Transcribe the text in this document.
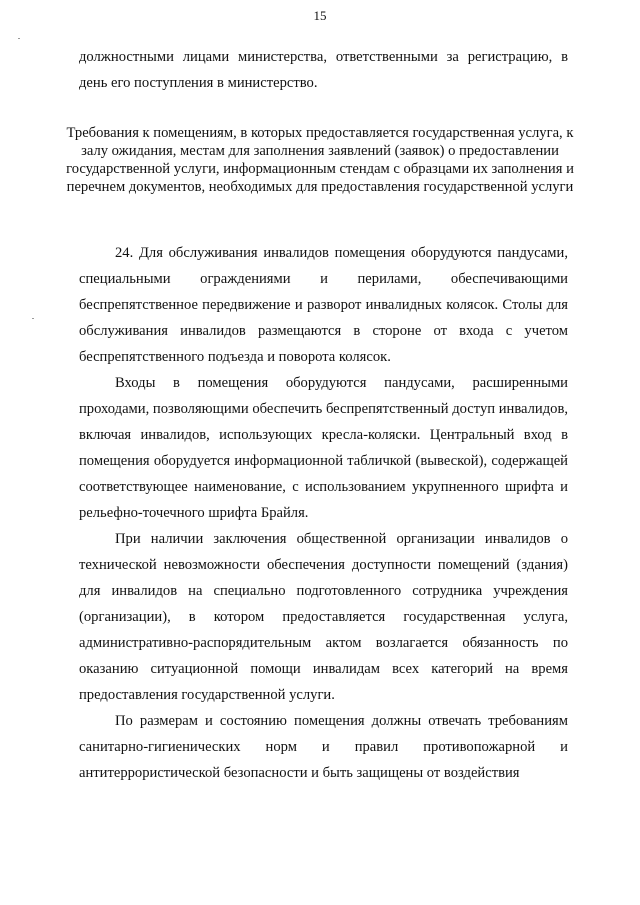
15

должностными лицами министерства, ответственными за регистрацию, в день его поступления в министерство.

Требования к помещениям, в которых предоставляется государственная услуга, к залу ожидания, местам для заполнения заявлений (заявок) о предоставлении государственной услуги, информационным стендам с образцами их заполнения и перечнем документов, необходимых для предоставления государственной услуги

24. Для обслуживания инвалидов помещения оборудуются пандусами, специальными ограждениями и перилами, обеспечивающими беспрепятственное передвижение и разворот инвалидных колясок. Столы для обслуживания инвалидов размещаются в стороне от входа с учетом беспрепятственного подъезда и поворота колясок.

Входы в помещения оборудуются пандусами, расширенными проходами, позволяющими обеспечить беспрепятственный доступ инвалидов, включая инвалидов, использующих кресла-коляски. Центральный вход в помещения оборудуется информационной табличкой (вывеской), содержащей соответствующее наименование, с использованием укрупненного шрифта и рельефно-точечного шрифта Брайля.

При наличии заключения общественной организации инвалидов о технической невозможности обеспечения доступности помещений (здания) для инвалидов на специально подготовленного сотрудника учреждения (организации), в котором предоставляется государственная услуга, административно-распорядительным актом возлагается обязанность по оказанию ситуационной помощи инвалидам всех категорий на время предоставления государственной услуги.

По размерам и состоянию помещения должны отвечать требованиям санитарно-гигиенических норм и правил противопожарной и антитеррористической безопасности и быть защищены от воздействия
